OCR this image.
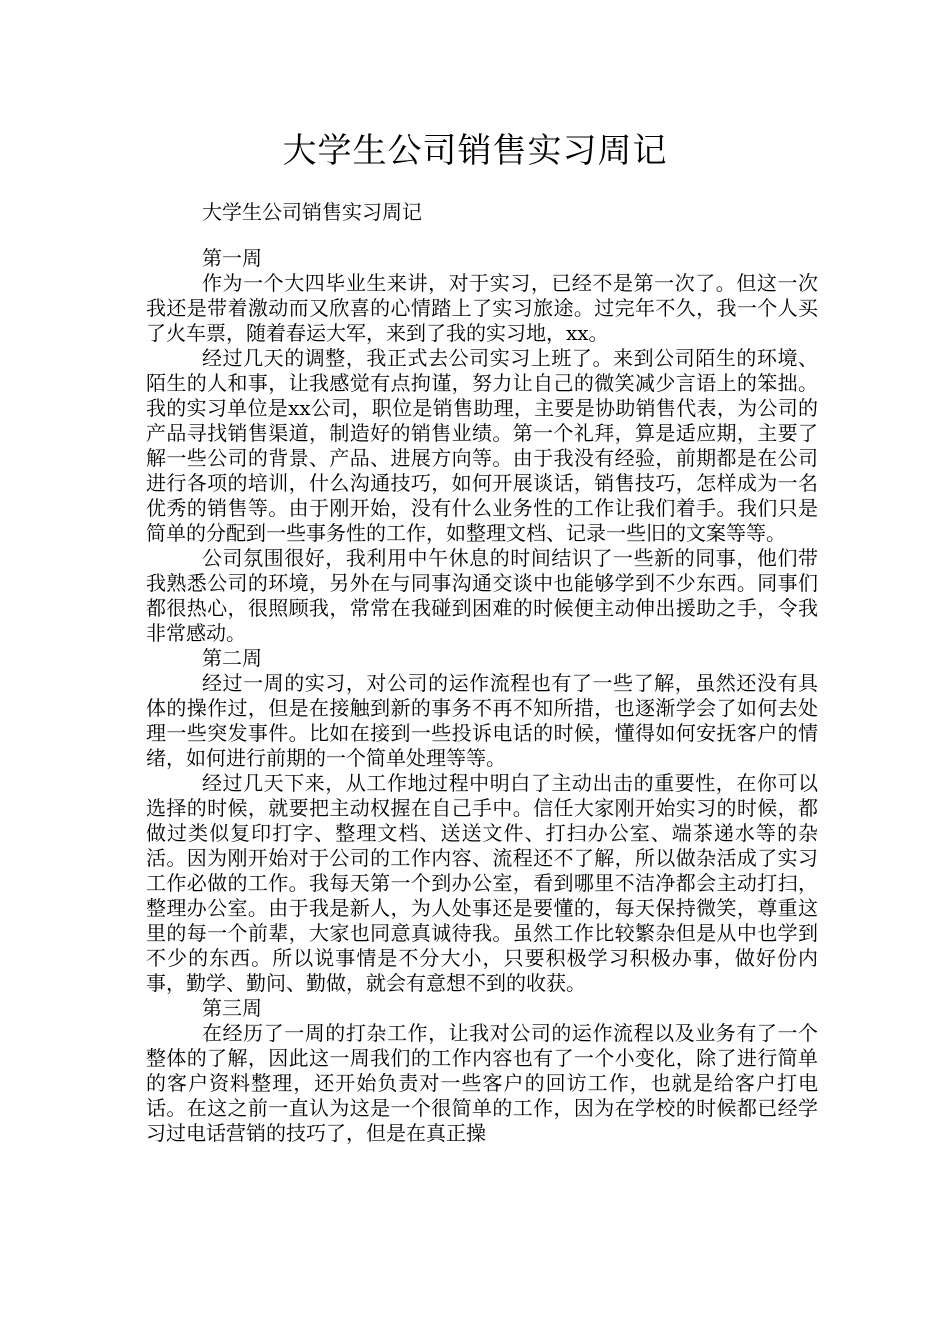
大学生公司销售实习周记
大学生公司销售实习周记
第一周

作为一个大四毕业生来讲，对于实习，已经不是第一次了。但这一次我还是带着激动而又欣喜的心情踏上了实习旅途。过完年不久，我一个人买了火车票，随着春运大军，来到了我的实习地，xx。

经过几天的调整，我正式去公司实习上班了。来到公司陌生的环境、陌生的人和事，让我感觉有点拘谨，努力让自己的微笑减少言语上的笨拙。我的实习单位是xx公司，职位是销售助理，主要是协助销售代表，为公司的产品寻找销售渠道，制造好的销售业绩。第一个礼拜，算是适应期，主要了解一些公司的背景、产品、进展方向等。由于我没有经验，前期都是在公司进行各项的培训，什么沟通技巧，如何开展谈话，销售技巧，怎样成为一名优秀的销售等。由于刚开始，没有什么业务性的工作让我们着手。我们只是简单的分配到一些事务性的工作，如整理文档、记录一些旧的文案等等。

公司氛围很好，我利用中午休息的时间结识了一些新的同事，他们带我熟悉公司的环境，另外在与同事沟通交谈中也能够学到不少东西。同事们都很热心，很照顾我，常常在我碰到困难的时候便主动伸出援助之手，令我非常感动。

第二周

经过一周的实习，对公司的运作流程也有了一些了解，虽然还没有具体的操作过，但是在接触到新的事务不再不知所措，也逐渐学会了如何去处理一些突发事件。比如在接到一些投诉电话的时候，懂得如何安抚客户的情绪，如何进行前期的一个简单处理等等。

经过几天下来，从工作地过程中明白了主动出击的重要性，在你可以选择的时候，就要把主动权握在自己手中。信任大家刚开始实习的时候，都做过类似复印打字、整理文档、送送文件、打扫办公室、端茶递水等的杂活。因为刚开始对于公司的工作内容、流程还不了解，所以做杂活成了实习工作必做的工作。我每天第一个到办公室，看到哪里不洁净都会主动打扫，整理办公室。由于我是新人，为人处事还是要懂的，每天保持微笑，尊重这里的每一个前辈，大家也同意真诚待我。虽然工作比较繁杂但是从中也学到不少的东西。所以说事情是不分大小，只要积极学习积极办事，做好份内事，勤学、勤问、勤做，就会有意想不到的收获。

第三周

在经历了一周的打杂工作，让我对公司的运作流程以及业务有了一个整体的了解，因此这一周我们的工作内容也有了一个小变化，除了进行简单的客户资料整理，还开始负责对一些客户的回访工作，也就是给客户打电话。在这之前一直认为这是一个很简单的工作，因为在学校的时候都已经学习过电话营销的技巧了，但是在真正操
